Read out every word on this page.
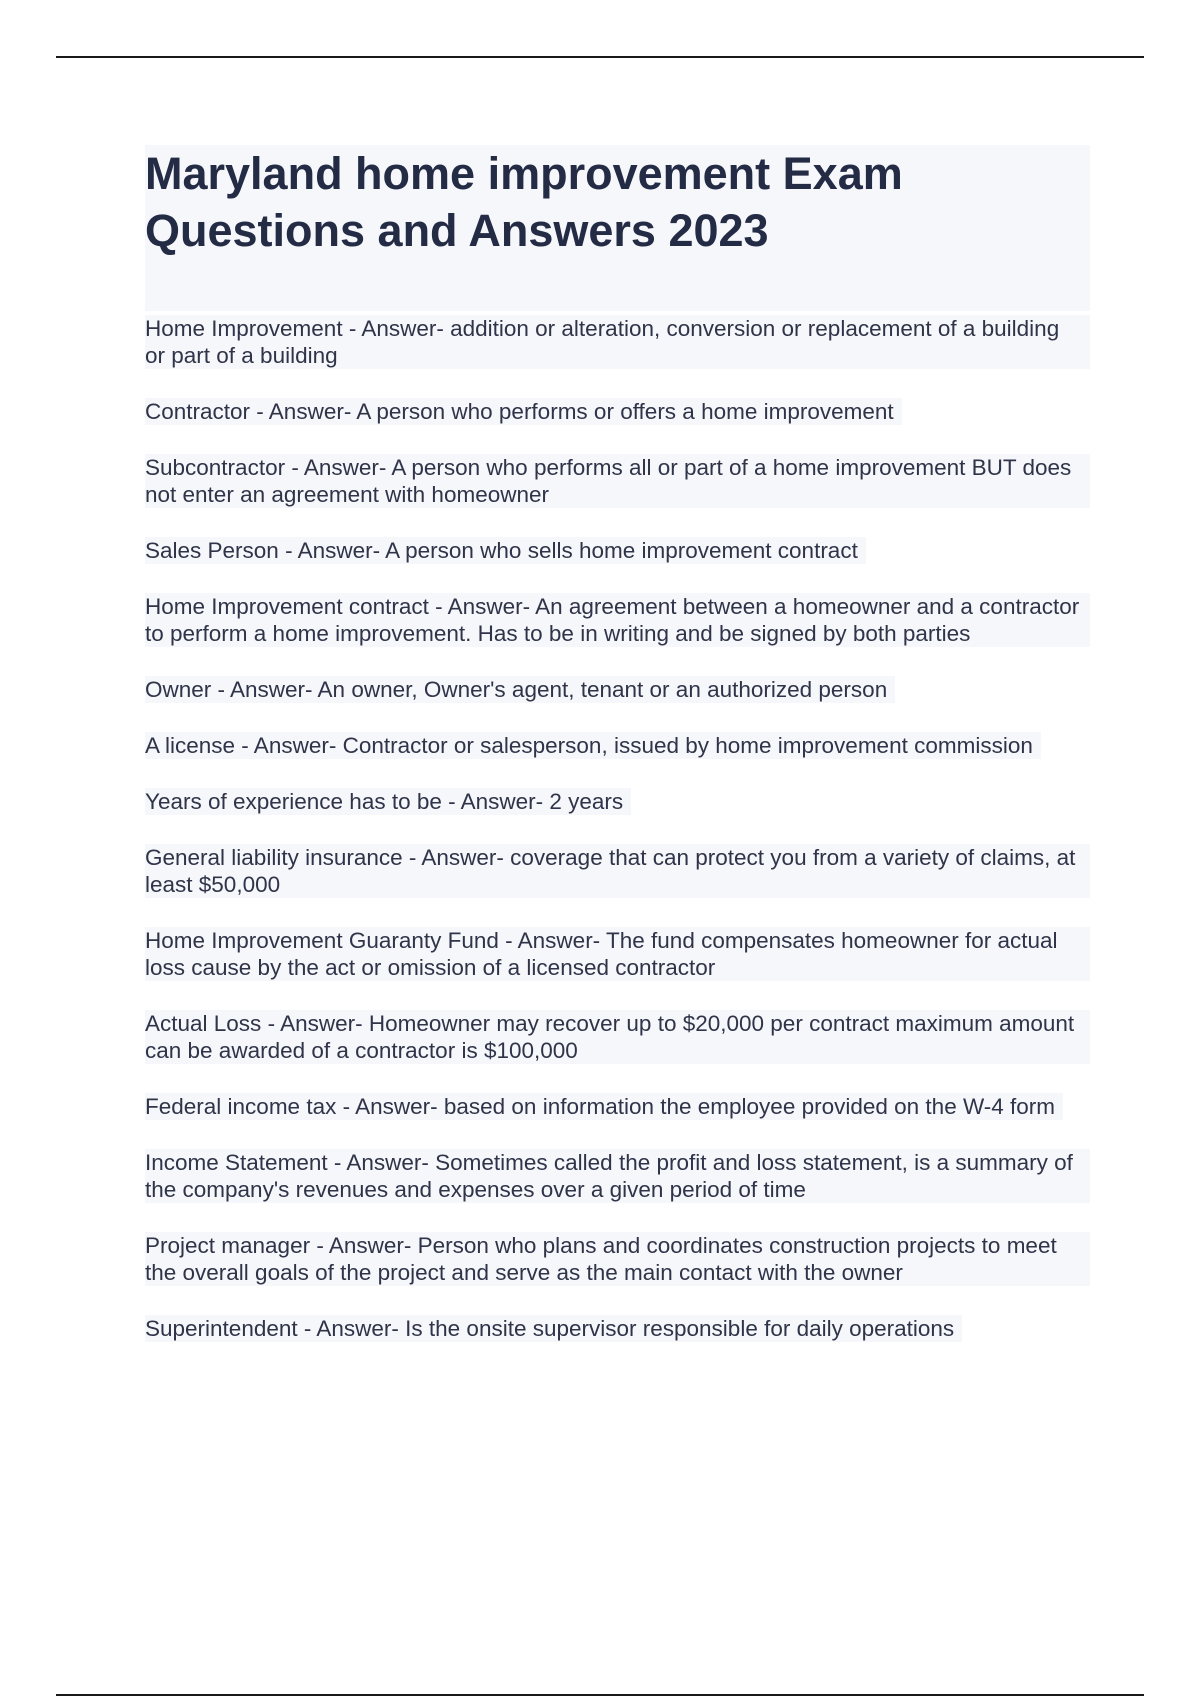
Maryland home improvement Exam Questions and Answers 2023
Home Improvement - Answer- addition or alteration, conversion or replacement of a building or part of a building
Contractor - Answer- A person who performs or offers a home improvement
Subcontractor - Answer- A person who performs all or part of a home improvement BUT does not enter an agreement with homeowner
Sales Person - Answer- A person who sells home improvement contract
Home Improvement contract - Answer- An agreement between a homeowner and a contractor to perform a home improvement. Has to be in writing and be signed by both parties
Owner - Answer- An owner, Owner's agent, tenant or an authorized person
A license - Answer- Contractor or salesperson, issued by home improvement commission
Years of experience has to be - Answer- 2 years
General liability insurance - Answer- coverage that can protect you from a variety of claims, at least $50,000
Home Improvement Guaranty Fund - Answer- The fund compensates homeowner for actual loss cause by the act or omission of a licensed contractor
Actual Loss - Answer- Homeowner may recover up to $20,000 per contract maximum amount can be awarded of a contractor is $100,000
Federal income tax - Answer- based on information the employee provided on the W-4 form
Income Statement - Answer- Sometimes called the profit and loss statement, is a summary of the company's revenues and expenses over a given period of time
Project manager - Answer- Person who plans and coordinates construction projects to meet the overall goals of the project and serve as the main contact with the owner
Superintendent - Answer- Is the onsite supervisor responsible for daily operations
